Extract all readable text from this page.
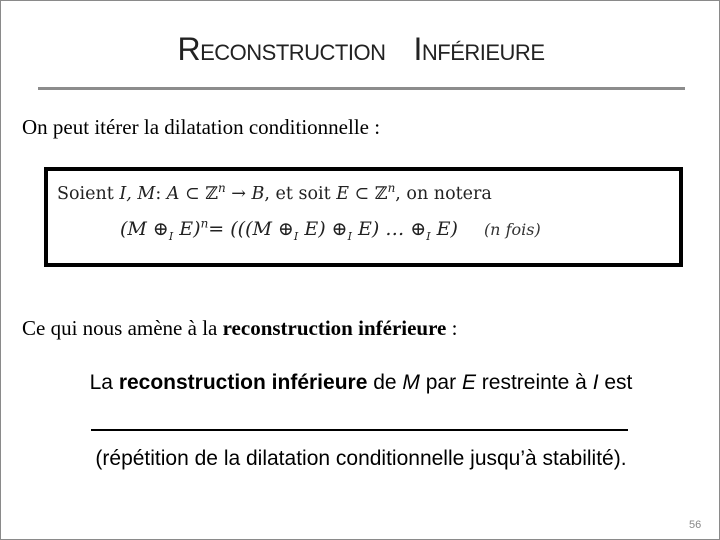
RECONSTRUCTION INFÉRIEURE
On peut itérer la dilatation conditionnelle :
Soient I, M: A ⊂ ℤ$^n$ → B, et soit E ⊂ ℤ$^n$, on notera
(M $\oplus_I$ E)$^n$= (((M $\oplus_I$ E) $\oplus_I$ E) … $\oplus_I$ E) (n fois)
Ce qui nous amène à la reconstruction inférieure :
La reconstruction inférieure de M par E restreinte à I est
(répétition de la dilatation conditionnelle jusqu’à stabilité).
56
